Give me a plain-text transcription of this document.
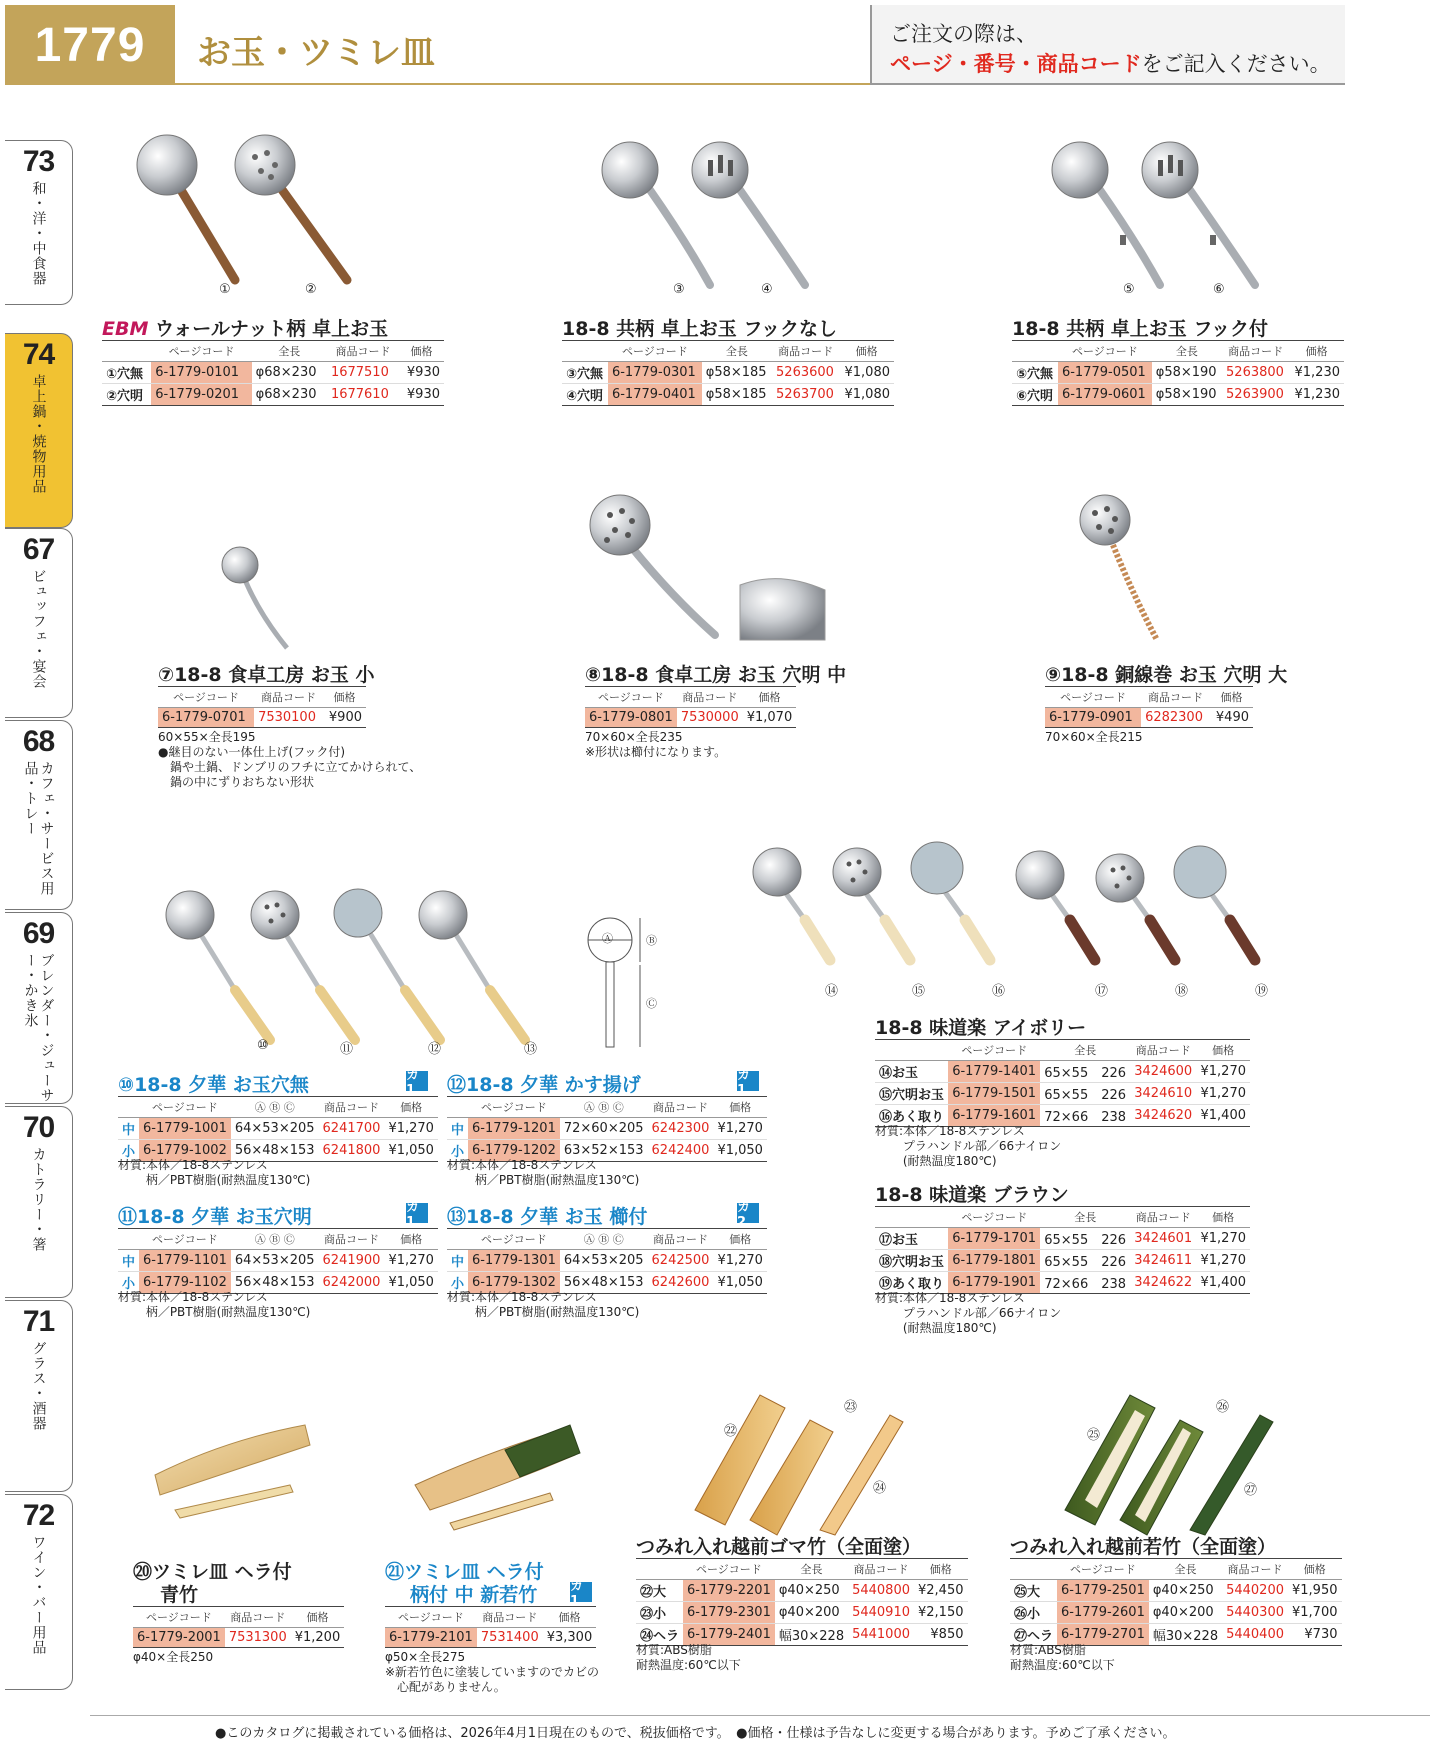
1779	お玉・ツミレ皿	ご注文の際は、
ページ・番号・商品コードをご記入ください。
73
和・洋・中食器
74
卓上鍋・焼物用品
67
ビュッフェ・宴会
68
カフェ・サービス用品・トレー
69
ブレンダー・ジューサー・かき氷
70
カトラリー・箸
71
グラス・酒器
72
ワイン・バー用品
①	②
EBM ウォールナット柄 卓上お玉
	ページコード	全長	商品コード	価格
①穴無	6-1779-0101	φ68×230	1677510	¥930
②穴明	6-1779-0201	φ68×230	1677610	¥930
③	④
18-8 共柄 卓上お玉 フックなし
	ページコード	全長	商品コード	価格
③穴無	6-1779-0301	φ58×185	5263600	¥1,080
④穴明	6-1779-0401	φ58×185	5263700	¥1,080
⑤	⑥
18-8 共柄 卓上お玉 フック付
	ページコード	全長	商品コード	価格
⑤穴無	6-1779-0501	φ58×190	5263800	¥1,230
⑥穴明	6-1779-0601	φ58×190	5263900	¥1,230
⑦18-8 食卓工房 お玉 小
ページコード	商品コード	価格
6-1779-0701	7530100	¥900
60×55×全長195
●継目のない一体仕上げ(フック付)
　鍋や土鍋、ドンブリのフチに立てかけられて、
　鍋の中にずりおちない形状
⑧18-8 食卓工房 お玉 穴明 中
ページコード	商品コード	価格
6-1779-0801	7530000	¥1,070
70×60×全長235
※形状は櫛付になります。
⑨18-8 銅線巻 お玉 穴明 大
ページコード	商品コード	価格
6-1779-0901	6282300	¥490
70×60×全長215
⑩	⑪	⑫	⑬
Ⓐ	Ⓑ
Ⓒ
⑩18-8 夕華 お玉穴無	カ1
	ページコード	Ⓐ Ⓑ Ⓒ	商品コード	価格
中	6-1779-1001	64×53×205	6241700	¥1,270
小	6-1779-1002	56×48×153	6241800	¥1,050
材質:本体／18-8ステンレス
　　 柄／PBT樹脂(耐熱温度130℃)
⑫18-8 夕華 かす揚げ	カ1
	ページコード	Ⓐ Ⓑ Ⓒ	商品コード	価格
中	6-1779-1201	72×60×205	6242300	¥1,270
小	6-1779-1202	63×52×153	6242400	¥1,050
材質:本体／18-8ステンレス
　　 柄／PBT樹脂(耐熱温度130℃)
⑪18-8 夕華 お玉穴明	カ1
	ページコード	Ⓐ Ⓑ Ⓒ	商品コード	価格
中	6-1779-1101	64×53×205	6241900	¥1,270
小	6-1779-1102	56×48×153	6242000	¥1,050
材質:本体／18-8ステンレス
　　 柄／PBT樹脂(耐熱温度130℃)
⑬18-8 夕華 お玉 櫛付	カ2
	ページコード	Ⓐ Ⓑ Ⓒ	商品コード	価格
中	6-1779-1301	64×53×205	6242500	¥1,270
小	6-1779-1302	56×48×153	6242600	¥1,050
材質:本体／18-8ステンレス
　　 柄／PBT樹脂(耐熱温度130℃)
⑭	⑮	⑯	⑰	⑱	⑲
18-8 味道楽 アイボリー
	ページコード	全長	商品コード	価格
⑭お玉	6-1779-1401	65×55　226	3424600	¥1,270
⑮穴明お玉	6-1779-1501	65×55　226	3424610	¥1,270
⑯あく取り	6-1779-1601	72×66　238	3424620	¥1,400
材質:本体／18-8ステンレス
　　 プラハンドル部／66ナイロン
　　 (耐熱温度180℃)
18-8 味道楽 ブラウン
	ページコード	全長	商品コード	価格
⑰お玉	6-1779-1701	65×55　226	3424601	¥1,270
⑱穴明お玉	6-1779-1801	65×55　226	3424611	¥1,270
⑲あく取り	6-1779-1901	72×66　238	3424622	¥1,400
材質:本体／18-8ステンレス
　　 プラハンドル部／66ナイロン
　　 (耐熱温度180℃)
⑳ツミレ皿 ヘラ付
青竹
ページコード	商品コード	価格
6-1779-2001	7531300	¥1,200
φ40×全長250
㉑ツミレ皿 ヘラ付
柄付 中 新若竹	カ1
ページコード	商品コード	価格
6-1779-2101	7531400	¥3,300
φ50×全長275
※新若竹色に塗装していますのでカビの
　心配がありません。
㉒
㉓
㉔
つみれ入れ越前ゴマ竹（全面塗）
	ページコード	全長	商品コード	価格
㉒大	6-1779-2201	φ40×250	5440800	¥2,450
㉓小	6-1779-2301	φ40×200	5440910	¥2,150
㉔ヘラ	6-1779-2401	幅30×228	5441000	¥850
材質:ABS樹脂
耐熱温度:60℃以下
㉕
㉖
㉗
つみれ入れ越前若竹（全面塗）
	ページコード	全長	商品コード	価格
㉕大	6-1779-2501	φ40×250	5440200	¥1,950
㉖小	6-1779-2601	φ40×200	5440300	¥1,700
㉗ヘラ	6-1779-2701	幅30×228	5440400	¥730
材質:ABS樹脂
耐熱温度:60℃以下
●このカタログに掲載されている価格は、2026年4月1日現在のもので、税抜価格です。　●価格・仕様は予告なしに変更する場合があります。予めご了承ください。
